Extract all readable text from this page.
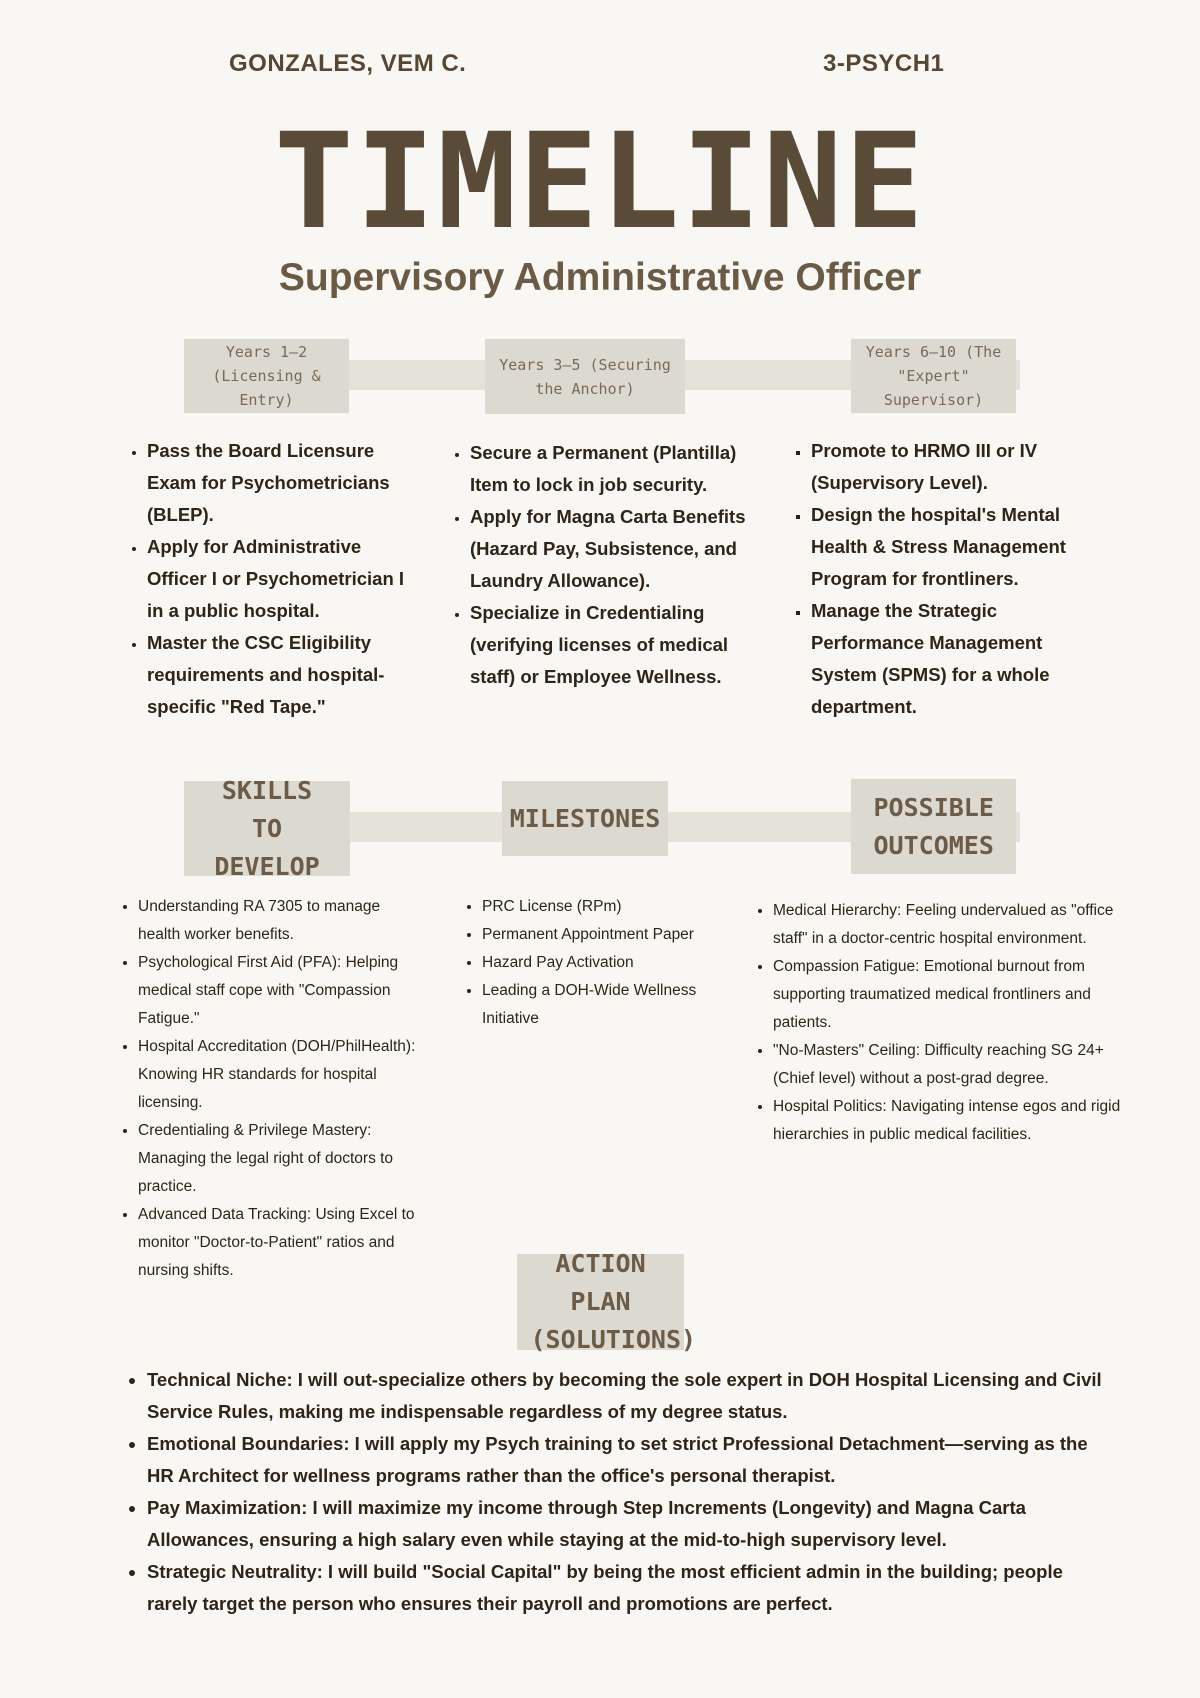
GONZALES, VEM C.	3-PSYCH1
TIMELINE
Supervisory Administrative Officer
Years 1–2 (Licensing & Entry)
Years 3–5 (Securing the Anchor)
Years 6–10 (The "Expert" Supervisor)
• Pass the Board Licensure Exam for Psychometricians (BLEP).
• Apply for Administrative Officer I or Psychometrician I in a public hospital.
• Master the CSC Eligibility requirements and hospital-specific "Red Tape."
• Secure a Permanent (Plantilla) Item to lock in job security.
• Apply for Magna Carta Benefits (Hazard Pay, Subsistence, and Laundry Allowance).
• Specialize in Credentialing (verifying licenses of medical staff) or Employee Wellness.
▪ Promote to HRMO III or IV (Supervisory Level).
▪ Design the hospital's Mental Health & Stress Management Program for frontliners.
▪ Manage the Strategic Performance Management System (SPMS) for a whole department.
SKILLS TO DEVELOP
MILESTONES	POSSIBLE OUTCOMES
• Understanding RA 7305 to manage health worker benefits.
• Psychological First Aid (PFA): Helping medical staff cope with "Compassion Fatigue."
• Hospital Accreditation (DOH/PhilHealth): Knowing HR standards for hospital licensing.
• Credentialing & Privilege Mastery: Managing the legal right of doctors to practice.
• Advanced Data Tracking: Using Excel to monitor "Doctor-to-Patient" ratios and nursing shifts.
• PRC License (RPm)
• Permanent Appointment Paper
• Hazard Pay Activation
• Leading a DOH-Wide Wellness Initiative
• Medical Hierarchy: Feeling undervalued as "office staff" in a doctor-centric hospital environment.
• Compassion Fatigue: Emotional burnout from supporting traumatized medical frontliners and patients.
• "No-Masters" Ceiling: Difficulty reaching SG 24+ (Chief level) without a post-grad degree.
• Hospital Politics: Navigating intense egos and rigid hierarchies in public medical facilities.
ACTION PLAN (SOLUTIONS)
• Technical Niche: I will out-specialize others by becoming the sole expert in DOH Hospital Licensing and Civil Service Rules, making me indispensable regardless of my degree status.
• Emotional Boundaries: I will apply my Psych training to set strict Professional Detachment—serving as the HR Architect for wellness programs rather than the office's personal therapist.
• Pay Maximization: I will maximize my income through Step Increments (Longevity) and Magna Carta Allowances, ensuring a high salary even while staying at the mid-to-high supervisory level.
• Strategic Neutrality: I will build "Social Capital" by being the most efficient admin in the building; people rarely target the person who ensures their payroll and promotions are perfect.
